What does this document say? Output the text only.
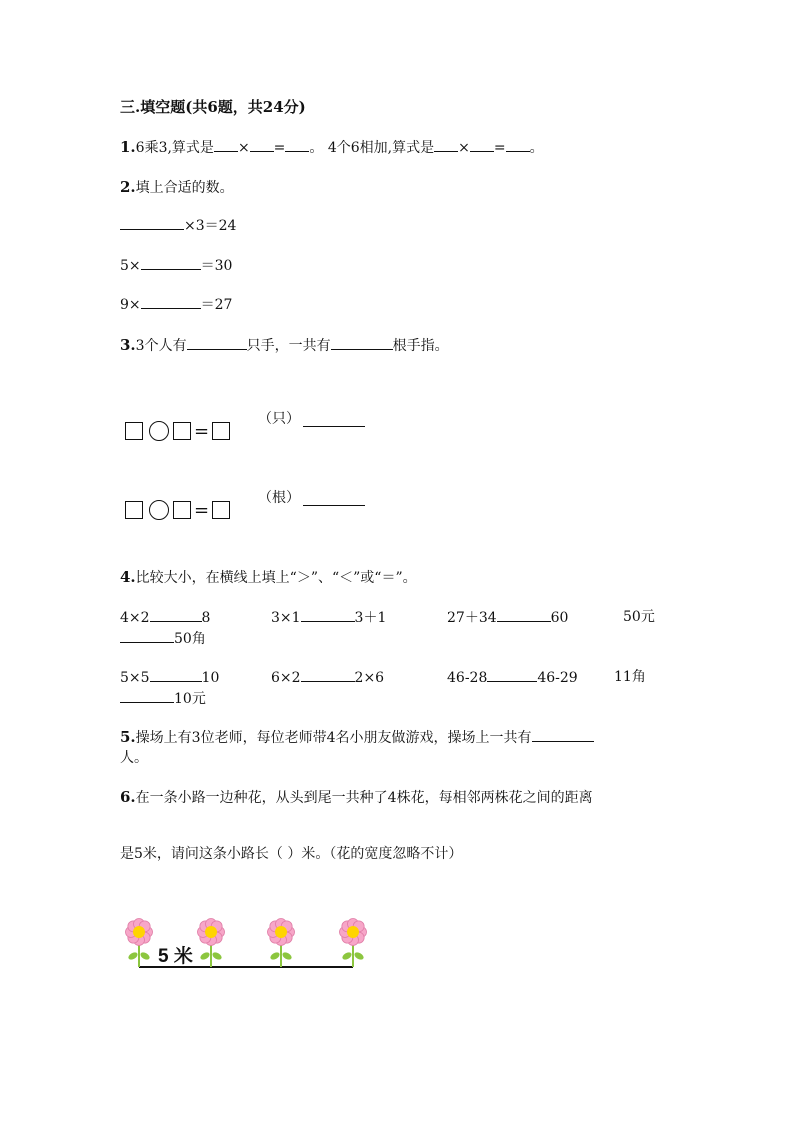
三.填空题(共6题，共24分)
1.6乘3,算式是 × = 。 4个6相加,算式是 × = 。
2.填上合适的数。
×3＝24
5×	＝30
9×	＝27
3.3个人有	只手，一共有	根手指。
=
（只）
=
（根）
4.比较大小，在横线上填上“＞”、“＜”或“＝”。
4×2	8	3×1	3＋1	27＋34	60	50元
50角
5×5	10	6×2	2×6	46-28	46-29	11角
10元
5.操场上有3位老师，每位老师带4名小朋友做游戏，操场上一共有
人。
6.在一条小路一边种花，从头到尾一共种了4株花，每相邻两株花之间的距离
是5米，请问这条小路长（ ）米。（花的宽度忽略不计）
5 米
